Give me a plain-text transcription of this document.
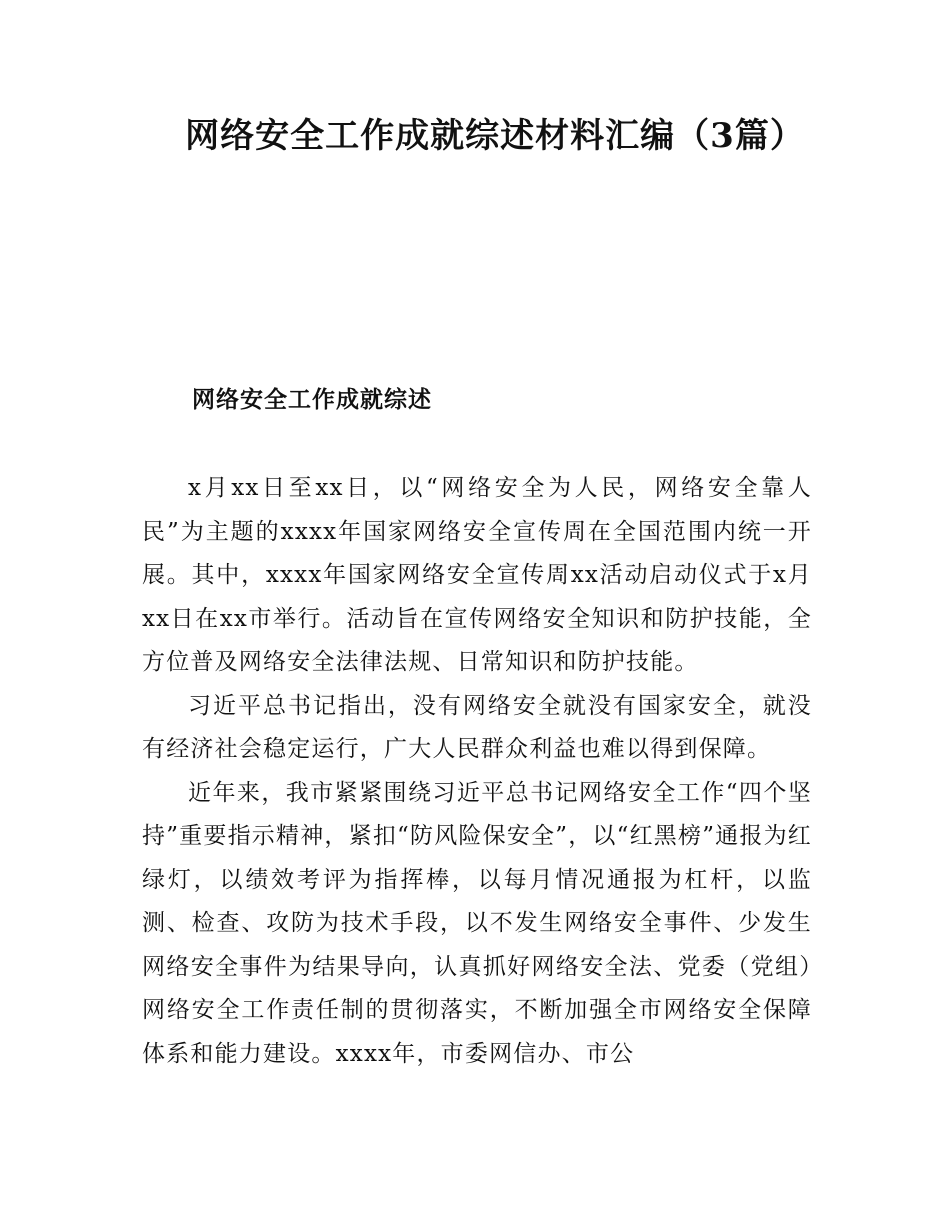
网络安全工作成就综述材料汇编（3篇）
网络安全工作成就综述

x月xx日至xx日，以“网络安全为人民，网络安全靠人民”为主题的xxxx年国家网络安全宣传周在全国范围内统一开展。其中，xxxx年国家网络安全宣传周xx活动启动仪式于x月xx日在xx市举行。活动旨在宣传网络安全知识和防护技能，全方位普及网络安全法律法规、日常知识和防护技能。

习近平总书记指出，没有网络安全就没有国家安全，就没有经济社会稳定运行，广大人民群众利益也难以得到保障。

近年来，我市紧紧围绕习近平总书记网络安全工作“四个坚持”重要指示精神，紧扣“防风险保安全”，以“红黑榜”通报为红绿灯，以绩效考评为指挥棒，以每月情况通报为杠杆，以监测、检查、攻防为技术手段，以不发生网络安全事件、少发生网络安全事件为结果导向，认真抓好网络安全法、党委（党组）网络安全工作责任制的贯彻落实，不断加强全市网络安全保障体系和能力建设。xxxx年，市委网信办、市公
